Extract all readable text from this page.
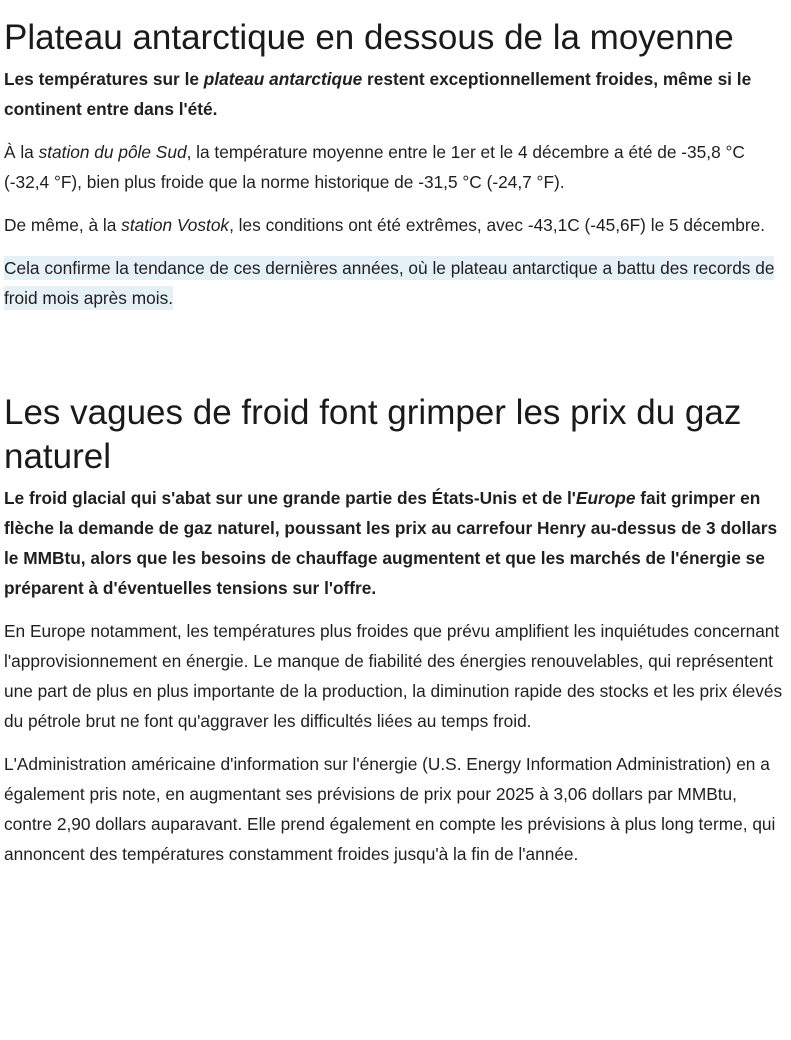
Plateau antarctique en dessous de la moyenne

Les températures sur le plateau antarctique restent exceptionnellement froides, même si le continent entre dans l'été.

À la station du pôle Sud, la température moyenne entre le 1er et le 4 décembre a été de -35,8 °C (-32,4 °F), bien plus froide que la norme historique de -31,5 °C (-24,7 °F).

De même, à la station Vostok, les conditions ont été extrêmes, avec -43,1C (-45,6F) le 5 décembre.

Cela confirme la tendance de ces dernières années, où le plateau antarctique a battu des records de froid mois après mois.

Les vagues de froid font grimper les prix du gaz naturel

Le froid glacial qui s'abat sur une grande partie des États-Unis et de l'Europe fait grimper en flèche la demande de gaz naturel, poussant les prix au carrefour Henry au-dessus de 3 dollars le MMBtu, alors que les besoins de chauffage augmentent et que les marchés de l'énergie se préparent à d'éventuelles tensions sur l'offre.

En Europe notamment, les températures plus froides que prévu amplifient les inquiétudes concernant l'approvisionnement en énergie. Le manque de fiabilité des énergies renouvelables, qui représentent une part de plus en plus importante de la production, la diminution rapide des stocks et les prix élevés du pétrole brut ne font qu'aggraver les difficultés liées au temps froid.

L'Administration américaine d'information sur l'énergie (U.S. Energy Information Administration) en a également pris note, en augmentant ses prévisions de prix pour 2025 à 3,06 dollars par MMBtu, contre 2,90 dollars auparavant. Elle prend également en compte les prévisions à plus long terme, qui annoncent des températures constamment froides jusqu'à la fin de l'année.
